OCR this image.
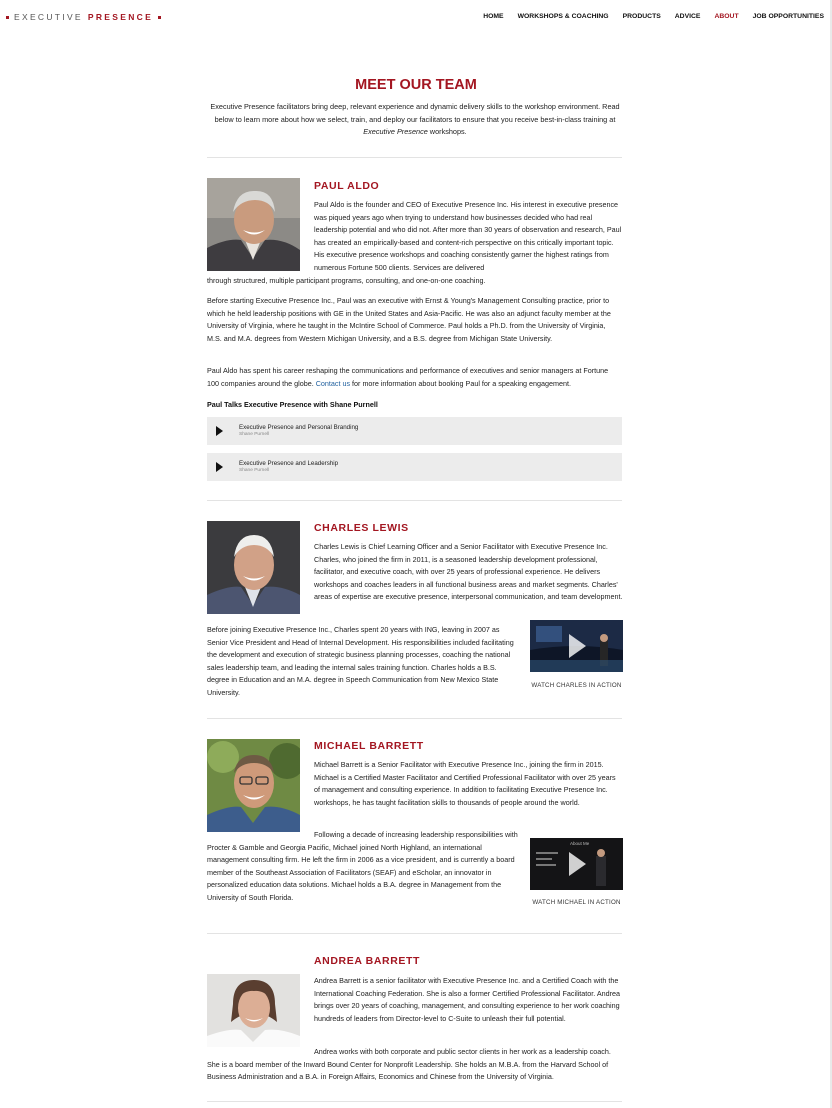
EXECUTIVE PRESENCE	HOME WORKSHOPS & COACHING PRODUCTS ADVICE ABOUT JOB OPPORTUNITIES
MEET OUR TEAM
Executive Presence facilitators bring deep, relevant experience and dynamic delivery skills to the workshop environment. Read below to learn more about how we select, train, and deploy our facilitators to ensure that you receive best-in-class training at Executive Presence workshops.
PAUL ALDO
Paul Aldo is the founder and CEO of Executive Presence Inc. His interest in executive presence was piqued years ago when trying to understand how businesses decided who had real leadership potential and who did not. After more than 30 years of observation and research, Paul has created an empirically-based and content-rich perspective on this critically important topic. His executive presence workshops and coaching consistently garner the highest ratings from numerous Fortune 500 clients. Services are delivered
through structured, multiple participant programs, consulting, and one-on-one coaching.
Before starting Executive Presence Inc., Paul was an executive with Ernst & Young's Management Consulting practice, prior to which he held leadership positions with GE in the United States and Asia-Pacific. He was also an adjunct faculty member at the University of Virginia, where he taught in the McIntire School of Commerce. Paul holds a Ph.D. from the University of Virginia, M.S. and M.A. degrees from Western Michigan University, and a B.S. degree from Michigan State University.
Paul Aldo has spent his career reshaping the communications and performance of executives and senior managers at Fortune 100 companies around the globe. Contact us for more information about booking Paul for a speaking engagement.
Paul Talks Executive Presence with Shane Purnell
Executive Presence and Personal Branding
Shane Purnell
Executive Presence and Leadership
Shane Purnell
CHARLES LEWIS
Charles Lewis is Chief Learning Officer and a Senior Facilitator with Executive Presence Inc. Charles, who joined the firm in 2011, is a seasoned leadership development professional, facilitator, and executive coach, with over 25 years of professional experience. He delivers workshops and coaches leaders in all functional business areas and market segments. Charles' areas of expertise are executive presence, interpersonal communication, and team development.
Before joining Executive Presence Inc., Charles spent 20 years with ING, leaving in 2007 as Senior Vice President and Head of Internal Development. His responsibilities included facilitating the development and execution of strategic business planning processes, coaching the national sales leadership team, and leading the internal sales training function. Charles holds a B.S. degree in Education and an M.A. degree in Speech Communication from New Mexico State University.
WATCH CHARLES IN ACTION
MICHAEL BARRETT
Michael Barrett is a Senior Facilitator with Executive Presence Inc., joining the firm in 2015. Michael is a Certified Master Facilitator and Certified Professional Facilitator with over 25 years of management and consulting experience. In addition to facilitating Executive Presence Inc. workshops, he has taught facilitation skills to thousands of people around the world.
Following a decade of increasing leadership responsibilities with Procter & Gamble and Georgia Pacific, Michael joined North Highland, an international management consulting firm. He left the firm in 2006 as a vice president, and is currently a board member of the Southeast Association of Facilitators (SEAF) and eScholar, an innovator in personalized education data solutions. Michael holds a B.A. degree in Management from the University of South Florida.
About Me
WATCH MICHAEL IN ACTION
ANDREA BARRETT
Andrea Barrett is a senior facilitator with Executive Presence Inc. and a Certified Coach with the International Coaching Federation. She is also a former Certified Professional Facilitator. Andrea brings over 20 years of coaching, management, and consulting experience to her work coaching hundreds of leaders from Director-level to C-Suite to unleash their full potential.
Andrea works with both corporate and public sector clients in her work as a leadership coach. She is a board member of the Inward Bound Center for Nonprofit Leadership. She holds an M.B.A. from the Harvard School of Business Administration and a B.A. in Foreign Affairs, Economics and Chinese from the University of Virginia.
